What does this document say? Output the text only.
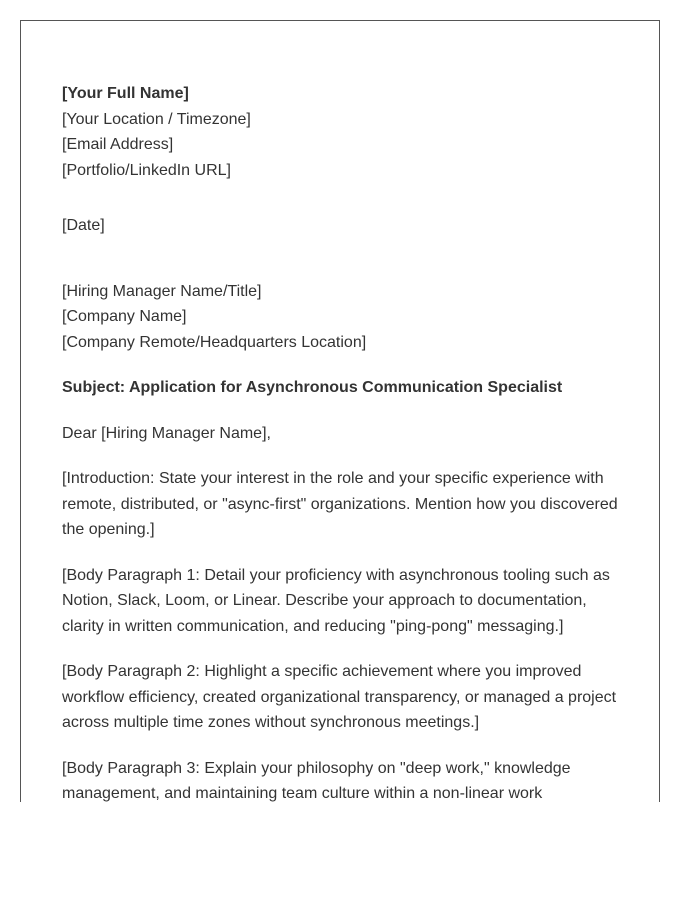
[Your Full Name]
[Your Location / Timezone]
[Email Address]
[Portfolio/LinkedIn URL]
[Date]
[Hiring Manager Name/Title]
[Company Name]
[Company Remote/Headquarters Location]
Subject: Application for Asynchronous Communication Specialist
Dear [Hiring Manager Name],

[Introduction: State your interest in the role and your specific experience with
remote, distributed, or "async-first" organizations. Mention how you discovered
the opening.]

[Body Paragraph 1: Detail your proficiency with asynchronous tooling such as
Notion, Slack, Loom, or Linear. Describe your approach to documentation,
clarity in written communication, and reducing "ping-pong" messaging.]

[Body Paragraph 2: Highlight a specific achievement where you improved
workflow efficiency, created organizational transparency, or managed a project
across multiple time zones without synchronous meetings.]

[Body Paragraph 3: Explain your philosophy on "deep work," knowledge
management, and maintaining team culture within a non-linear work
